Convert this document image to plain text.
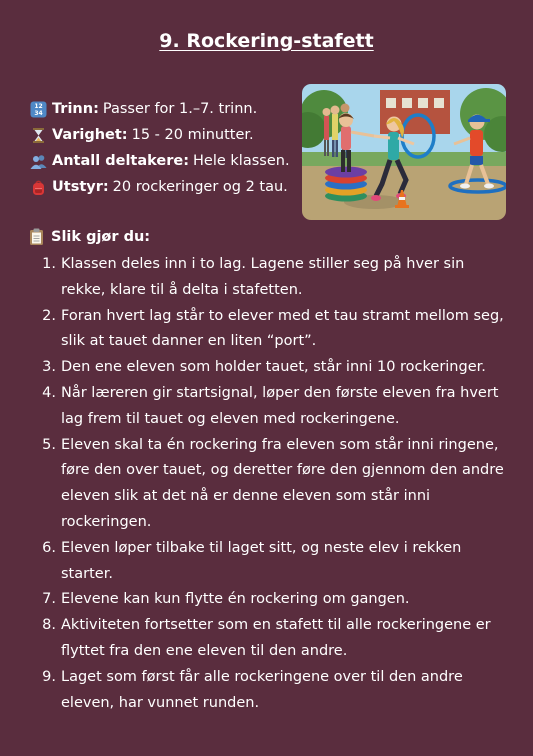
9. Rockering-stafett
12
34 Trinn: Passer for 1.–7. trinn.
Varighet: 15 - 20 minutter.
Antall deltakere: Hele klassen.
Utstyr: 20 rockeringer og 2 tau.
Slik gjør du:
1. Klassen deles inn i to lag. Lagene stiller seg på hver sin rekke, klare til å delta i stafetten.
2. Foran hvert lag står to elever med et tau stramt mellom seg, slik at tauet danner en liten “port”.
3. Den ene eleven som holder tauet, står inni 10 rockeringer.
4. Når læreren gir startsignal, løper den første eleven fra hvert lag frem til tauet og eleven med rockeringene.
5. Eleven skal ta én rockering fra eleven som står inni ringene, føre den over tauet, og deretter føre den gjennom den andre eleven slik at det nå er denne eleven som står inni rockeringen.
6. Eleven løper tilbake til laget sitt, og neste elev i rekken starter.
7. Elevene kan kun flytte én rockering om gangen.
8. Aktiviteten fortsetter som en stafett til alle rockeringene er flyttet fra den ene eleven til den andre.
9. Laget som først får alle rockeringene over til den andre eleven, har vunnet runden.
